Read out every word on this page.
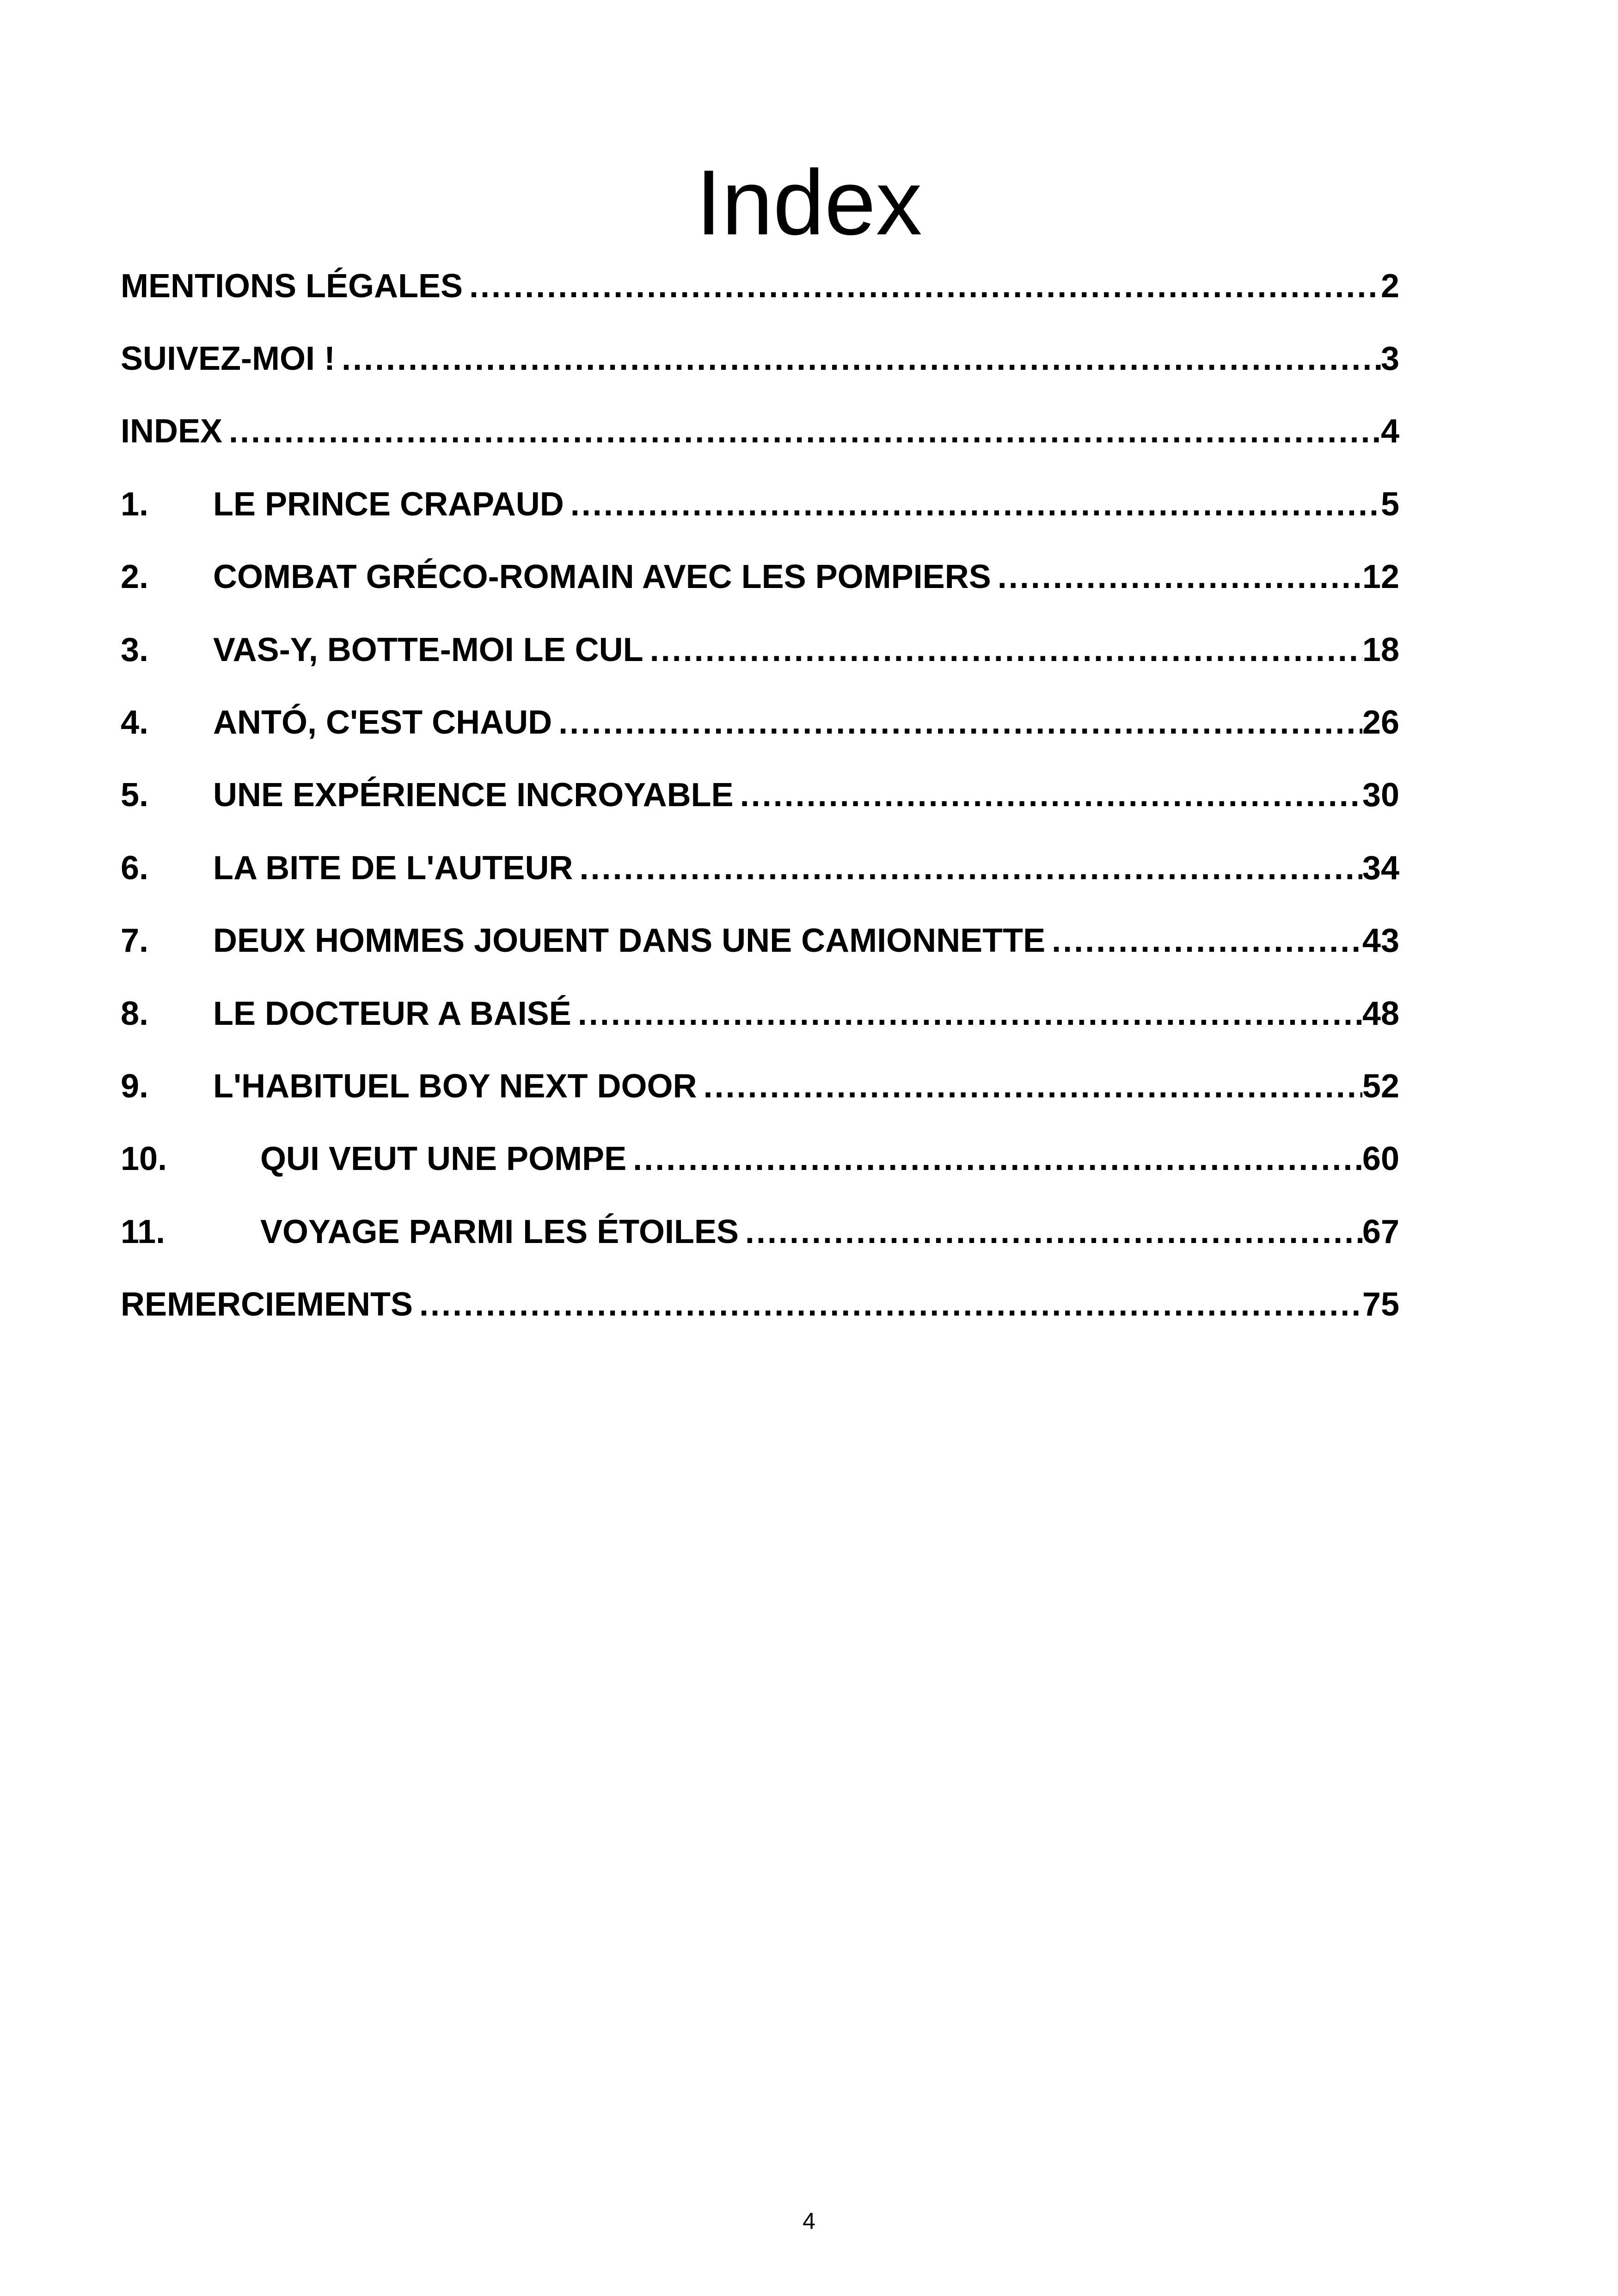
Index
MENTIONS LÉGALES .....	2
SUIVEZ-MOI ! .....	3
INDEX .....	4
1.	LE PRINCE CRAPAUD .....	5
2.	COMBAT GRÉCO-ROMAIN AVEC LES POMPIERS .....	12
3.	VAS-Y, BOTTE-MOI LE CUL .....	18
4.	ANTÓ, C'EST CHAUD .....	26
5.	UNE EXPÉRIENCE INCROYABLE .....	30
6.	LA BITE DE L'AUTEUR .....	34
7.	DEUX HOMMES JOUENT DANS UNE CAMIONNETTE .....	43
8.	LE DOCTEUR A BAISÉ .....	48
9.	L'HABITUEL BOY NEXT DOOR .....	52
10.	QUI VEUT UNE POMPE .....	60
11.	VOYAGE PARMI LES ÉTOILES .....	67
REMERCIEMENTS .....	75
4
